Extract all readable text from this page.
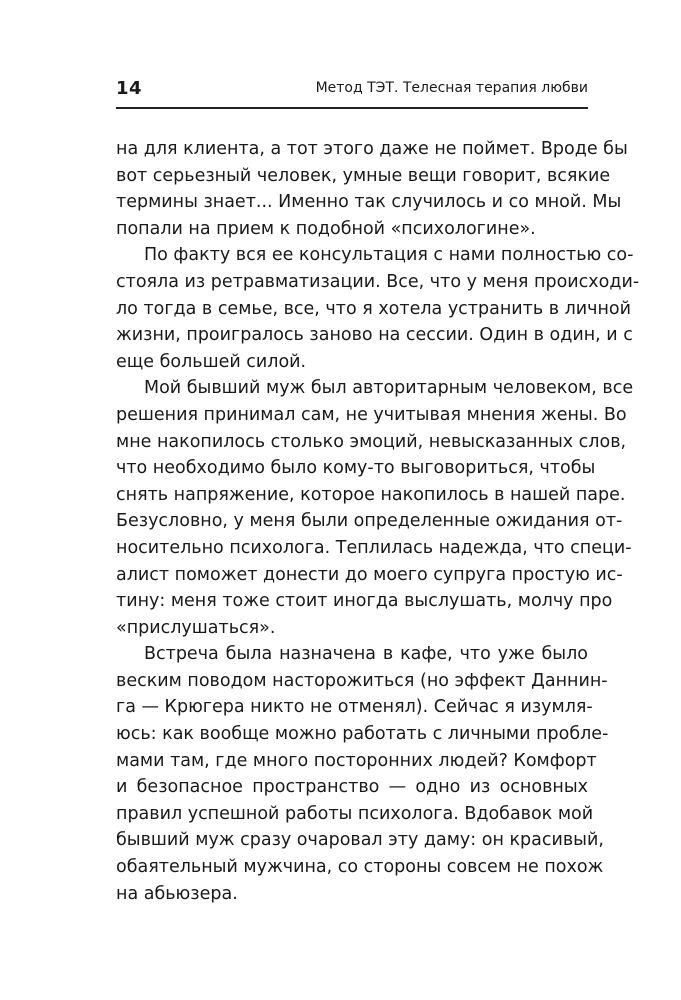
14	Метод ТЭТ. Телесная терапия любви
на для клиента, а тот этого даже не поймет. Вроде бы
вот серьезный человек, умные вещи говорит, всякие
термины знает... Именно так случилось и со мной. Мы
попали на прием к подобной «психологине».
По факту вся ее консультация с нами полностью со-
стояла из ретравматизации. Все, что у меня происходи-
ло тогда в семье, все, что я хотела устранить в личной
жизни, проигралось заново на сессии. Один в один, и с
еще большей силой.
Мой бывший муж был авторитарным человеком, все
решения принимал сам, не учитывая мнения жены. Во
мне накопилось столько эмоций, невысказанных слов,
что необходимо было кому-то выговориться, чтобы
снять напряжение, которое накопилось в нашей паре.
Безусловно, у меня были определенные ожидания от-
носительно психолога. Теплилась надежда, что специ-
алист поможет донести до моего супруга простую ис-
тину: меня тоже стоит иногда выслушать, молчу про
«прислушаться».
Встреча была назначена в кафе, что уже было
веским поводом насторожиться (но эффект Даннин-
га — Крюгера никто не отменял). Сейчас я изумля-
юсь: как вообще можно работать с личными пробле-
мами там, где много посторонних людей? Комфорт
и безопасное пространство — одно из основных
правил успешной работы психолога. Вдобавок мой
бывший муж сразу очаровал эту даму: он красивый,
обаятельный мужчина, со стороны совсем не похож
на абьюзера.
